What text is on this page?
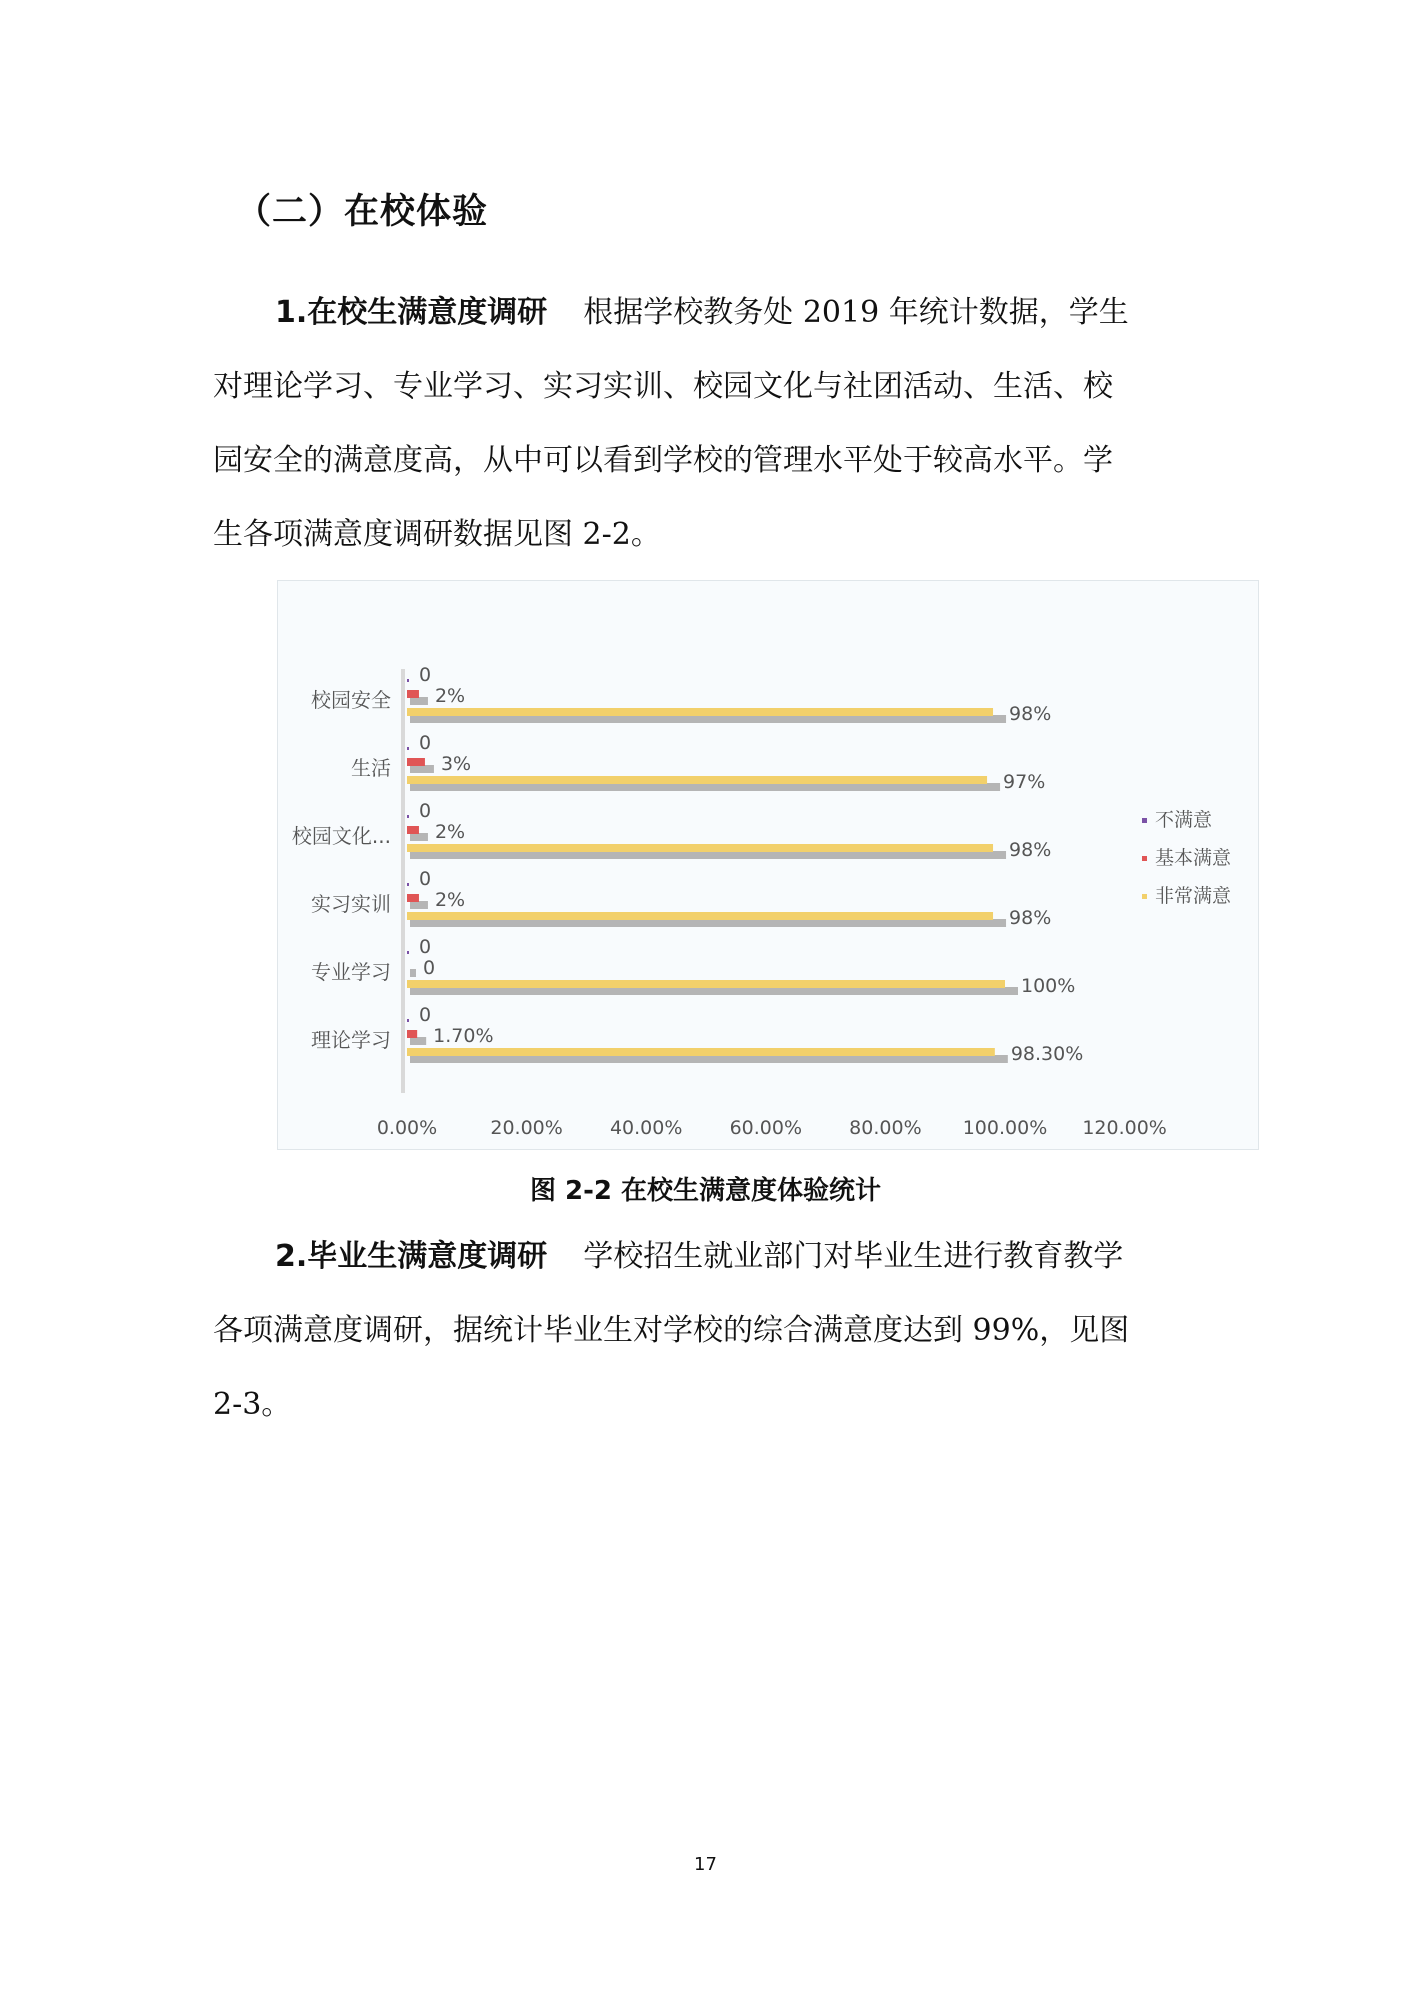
（二）在校体验
1.在校生满意度调研 根据学校教务处 2019 年统计数据，学生
对理论学习、专业学习、实习实训、校园文化与社团活动、生活、校
园安全的满意度高，从中可以看到学校的管理水平处于较高水平。学
生各项满意度调研数据见图 2-2。
校园安全
0
2%
98%
生活
0
3%
97%
校园文化...
0
2%
98%
实习实训
0
2%
98%
专业学习
0
0
100%
理论学习
0
1.70%
98.30%
0.00%	20.00% 40.00% 60.00% 80.00% 100.00% 120.00%
不满意
基本满意
非常满意

图 2-2 在校生满意度体验统计

2.毕业生满意度调研 学校招生就业部门对毕业生进行教育教学
各项满意度调研，据统计毕业生对学校的综合满意度达到 99%，见图
2-3。
17
